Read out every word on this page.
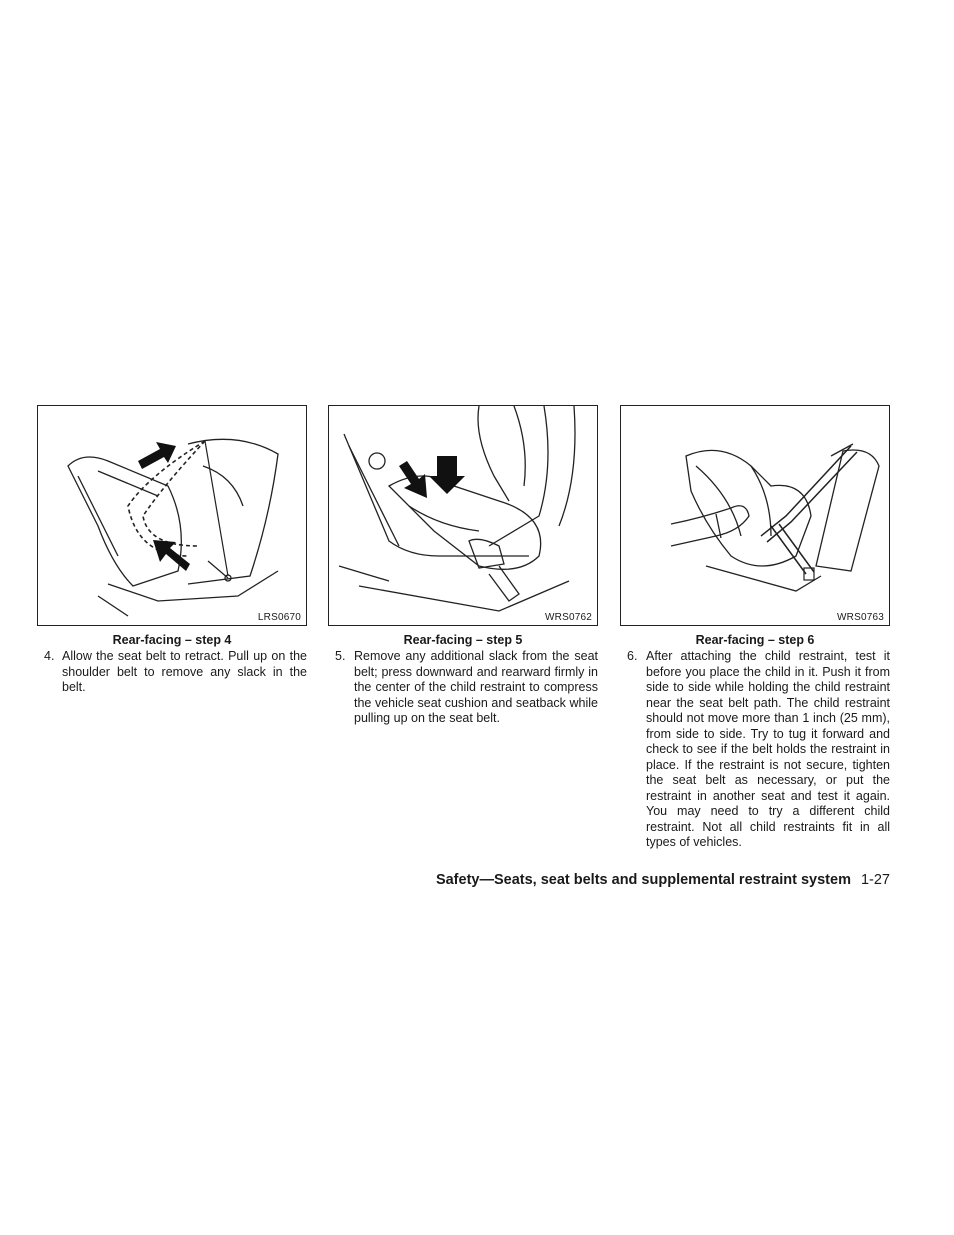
LRS0670
Rear-facing – step 4
4. Allow the seat belt to retract. Pull up on the shoulder belt to remove any slack in the belt.
WRS0762
Rear-facing – step 5
5. Remove any additional slack from the seat belt; press downward and rearward firmly in the center of the child restraint to compress the vehicle seat cushion and seatback while pulling up on the seat belt.
WRS0763
Rear-facing – step 6
6. After attaching the child restraint, test it before you place the child in it. Push it from side to side while holding the child restraint near the seat belt path. The child restraint should not move more than 1 inch (25 mm), from side to side. Try to tug it forward and check to see if the belt holds the restraint in place. If the restraint is not secure, tighten the seat belt as necessary, or put the restraint in another seat and test it again. You may need to try a different child restraint. Not all child restraints fit in all types of vehicles.
Safety—Seats, seat belts and supplemental restraint system 1-27
